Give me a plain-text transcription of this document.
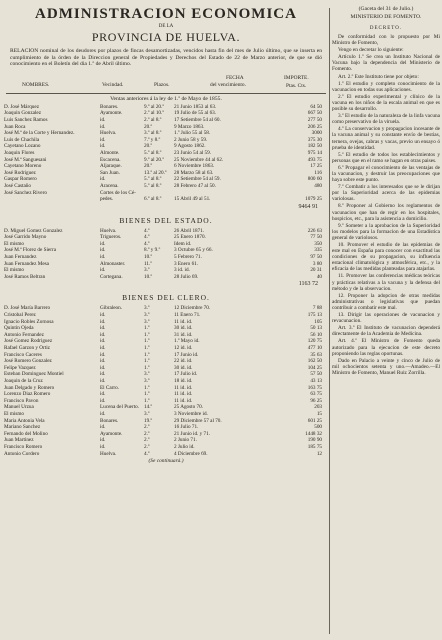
ADMINISTRACION ECONOMICA
DE LA
PROVINCIA DE HUELVA.
RELACION nominal de los deudores por plazos de fincas desamortizadas, vencidos hasta fin del mes de Julio último, que se inserta en cumplimiento de la órden de la Direccion general de Propiedades y Derechos del Estado de 22 de Marzo anterior, de que se dió conocimiento en el Boletín del dia 1.º de Abril último.
NOMBRES.	Vecindad.	Plazos.
FECHA
del vencimiento.
IMPORTE.
Ptas. Cts.
Ventas anteriores á la ley de 1.º de Mayo de 1855.
D. José Márquez	Bonares.	9.º al 20.º	21 Junio 1853 al 63.	64 50
Joaquin Gonzalez	Ayamonte.	2.º al 10.º	19 Julio de 55 al 63.	667 50
Luis Sanchez Ramos	id.	2.º al 8.º	17 Setiembre 54 al 60.	277 50
Juan Roca	id.	20.º	9 Marzo 1863.	206 25
José M.ª de la Corte y Hernandez.	Huelva.	3.º al 8.º	1.º Julio 55 al 58.	3000
Luis de Chachila	id.	7.º y 8.º	2 Junio 58 y 59.	375 30
Cayetano Lozano	id.	20.º	9 Agosto 1862.	182 50
Joaquin Flores	Almonte.	5.º al 8.º	23 Junio 54 al 59.	975 14
José M.ª Sanguesani	Escacena.	9.º al 20.º	25 Noviembre 44 al 62.	493 75
Cayetano Moreno	Aljaraque.	20.º	6 Noviembre 1863.	17 25
José Rodriguez	San Juan.	13.º al 20.º	28 Marzo 58 al 63.	116
Gaspar Romero	id.	5.º al 8.º	22 Setiembre 54 al 59.	800 60
José Castaño	Aracena.	5.º al 8.º	28 Febrero 47 al 50.	480
José Sanchez Rivero	Cortes de los Cé-			
	pedes.	6.º al 8.º	15 Abril 49 al 51.	1079 25
9464 91
BIENES DEL ESTADO.
D. Miguel Gomez Gonzalez	Huelva.	4.º	26 Abril 1871.	226 63
José Garrido Mayno	Trigueros.	4.º	25 Enero 1870.	77 50
El mismo	id.	4.º	Idem id.	350
José M.ª Florez de Sierra	id.	8.º y 9.º	3 Octubre 65 y 66.	335
Juan Fernandez	id.	10.º	5 Febrero 71.	97 50
Juan Fernandez Mesa	Almonaster.	11.º	3 Enero 61.	3 80
El mismo	id.	3.º	3 id. id.	20 31
José Ramos Beltran	Cortegana.	10.º	28 Julio 69.	40
1163 72
BIENES DEL CLERO.
D. José María Barrero	Gibraleon.	3.º	12 Diciembre 70.	7 88
Cristobal Perez	id.	3.º	11 Enero 71.	175 13
Ignacio Robles Zornosa	id.	3.º	11 id. id.	105
Quintin Ojeda	id.	1.º	30 id. id.	50 13
Antonio Fernandez	id.	1.º	31 id. id.	56 10
José Gomez Rodriguez	id.	1.º	1.º Mayo id.	120 75
Rafael Garzon y Ortiz	id.	1.º	12 id. id.	477 10
Francisco Caceres	id.	1.º	17 Junio id.	35 63
José Romero Gonzalez	id.	1.º	22 id. id.	162 50
Felipe Vazquez	id.	1.º	30 id. id.	104 25
Esteban Dominguez Montiel	id.	3.º	17 Julio id.	57 50
Joaquin de la Cruz	id.	3.º	18 id. id.	43 13
Juan Delgado y Romero	El Carro.	1.º	11 id. id.	163 75
Lorenzo Diaz Romero	id.	1.º	11 id. id.	63 75
Francisco Pavon	id.	1.º	11 id. id.	96 25
Manuel Urzua	Lucena del Puerto.	14.º	25 Agosto 70.	203
El mismo	id.	3.º	3 Noviembre id.	15
Maria Antonia Vela	Bonares.	19.º	29 Diciembre 57 al 70.	601 25
Mariano Sanchez	id.	2.º	16 Julio 71.	500
Fernando del Molino	Ayamonte.	2.º	21 Junio id. y 71.	1448 32
Juan Martinez	id.	2.º	2 Junio 71.	190 90
Francisco Romero	id.	2.º	2 Julio id.	185 75
Antonio Cordero	Huelva.	4.º	4 Diciembre 69.	12
(Se continuará.)
(Gaceta del 31 de Julio.)
MINISTERIO DE FOMENTO.
DECRETO.

De conformidad con lo propuesto por Mi Ministro de Fomento,

Vengo en decretar lo siguiente:

Artículo 1.º Se crea un Instituto Nacional de Vacuna bajo la dependencia del Ministerio de Fomento.

Art. 2.º Este Instituto tiene por objeto:

1.º El estudio y completo conocimiento de la vacunacion en todas sus aplicaciones.

2.º El estudio experimental y clínico de la vacuna en los niños de la escala animal en que es posible su desarrollo.

3.º El estudio de la naturaleza de la linfa vacuna como preservativo de la viruela.

4.º La conservacion y propagacion incesante de la vacuna animal y su constante envío de bestias, ternera, ovejas, cabras y vacas, previo un ensayo ó prueba de identidad.

5.º El estudio de todos los establecimientos y personas que en el ramo se hagan en otras paises.

6.º Propagar el conocimiento de las ventajas de la vacunacion, y destruir las preocupaciones que haya sobre este punto.

7.º Combatir a los interesados que se le dirijan por la Superioridad acerca de las epidemias variolosas.

8.º Proponer al Gobierno los reglamentos de vacunacion que han de regir en los hospitales, hospicios, etc., para la asistencia a domicilio.

9.º Someter a la aprobacion de la Superioridad los modelos para la formacion de una Estadística general de variolosos.

10. Promover el estudio de las epidemias de este mal en España para conocer con exactitud las condiciones de su propagacion, su influencia estacional climatológica y atmosférica, etc., y la eficacia de las medidas planteadas para atajarlas.

11. Promover las conferencias médicas teóricas y prácticas relativas a la vacuna y la defensa del método y de la observacion.

12. Proponer la adopcion de otras medidas administrativas o legislativas que puedan contribuir a combatir este mal.

13. Dirigir las operaciones de vacunacion y revacunacion.

Art. 3.º El Instituto de vacunacion dependerá directamente de la Academia de Medicina.

Art. 4.º El Ministro de Fomento queda autorizado para la ejecucion de este decreto proponiendo las reglas oportunas.

Dado en Palacio a veinte y cinco de Julio de mil ochocientos setenta y uno.—Amadeo.—El Ministro de Fomento, Manuel Ruiz Zorrilla.
